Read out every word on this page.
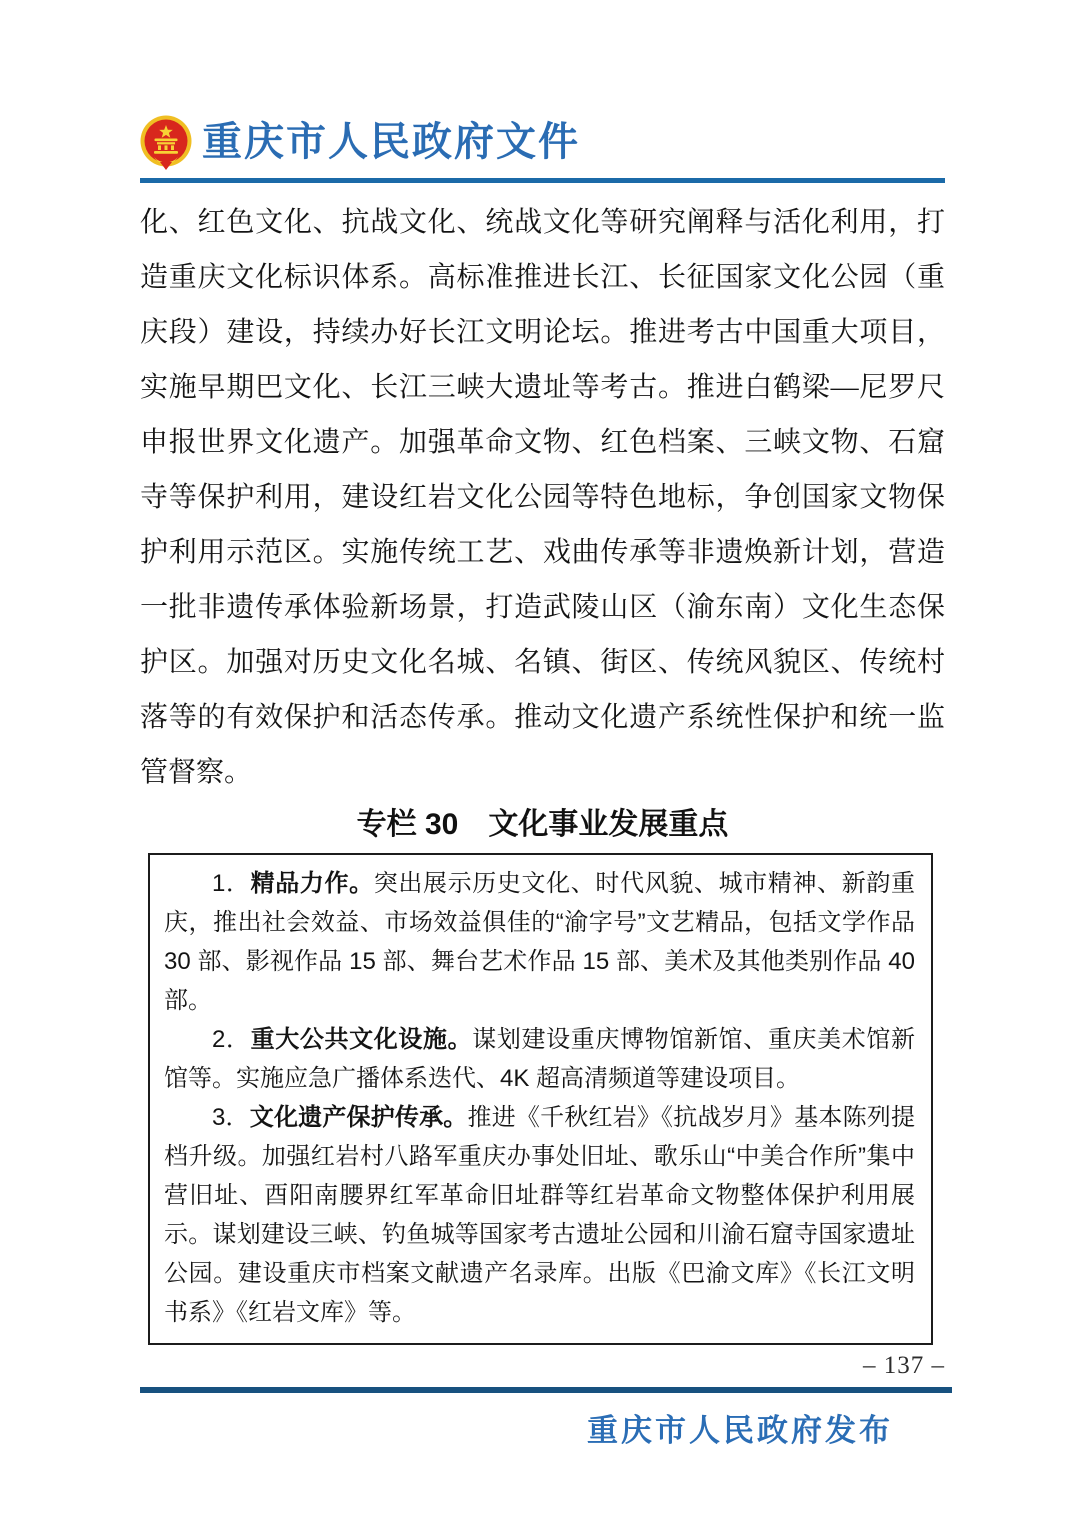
重庆市人民政府文件
化、红色文化、抗战文化、统战文化等研究阐释与活化利用，打
造重庆文化标识体系。高标准推进长江、长征国家文化公园（重
庆段）建设，持续办好长江文明论坛。推进考古中国重大项目，
实施早期巴文化、长江三峡大遗址等考古。推进白鹤梁—尼罗尺
申报世界文化遗产。加强革命文物、红色档案、三峡文物、石窟
寺等保护利用，建设红岩文化公园等特色地标，争创国家文物保
护利用示范区。实施传统工艺、戏曲传承等非遗焕新计划，营造
一批非遗传承体验新场景，打造武陵山区（渝东南）文化生态保
护区。加强对历史文化名城、名镇、街区、传统风貌区、传统村
落等的有效保护和活态传承。推动文化遗产系统性保护和统一监
管督察。
专栏 30　文化事业发展重点

1．精品力作。突出展示历史文化、时代风貌、城市精神、新韵重庆，推出社会效益、市场效益俱佳的“渝字号”文艺精品，包括文学作品 30 部、影视作品 15 部、舞台艺术作品 15 部、美术及其他类别作品 40 部。

2．重大公共文化设施。谋划建设重庆博物馆新馆、重庆美术馆新馆等。实施应急广播体系迭代、4K 超高清频道等建设项目。

3．文化遗产保护传承。推进《千秋红岩》《抗战岁月》基本陈列提档升级。加强红岩村八路军重庆办事处旧址、歌乐山“中美合作所”集中营旧址、酉阳南腰界红军革命旧址群等红岩革命文物整体保护利用展示。谋划建设三峡、钓鱼城等国家考古遗址公园和川渝石窟寺国家遗址公园。建设重庆市档案文献遗产名录库。出版《巴渝文库》《长江文明书系》《红岩文库》等。

– 137 –
重庆市人民政府发布
